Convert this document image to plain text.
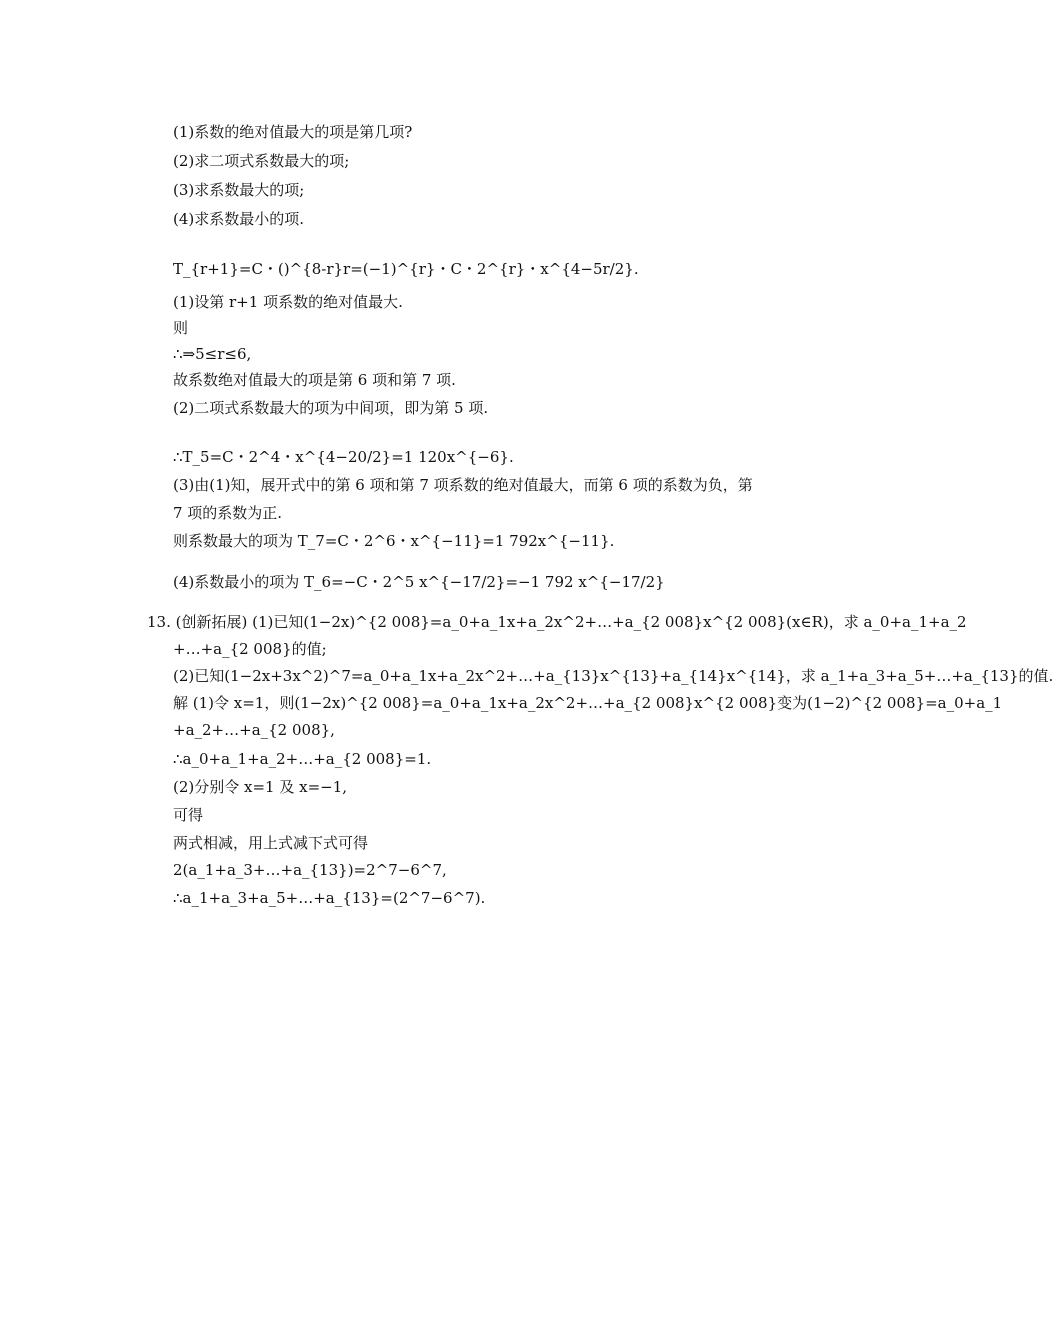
(1)系数的绝对值最大的项是第几项?
(2)求二项式系数最大的项;
(3)求系数最大的项;
(4)求系数最小的项.
T_{r+1}=C・()^{8-r}r=(−1)^{r}・C・2^{r}・x^{4−5r/2}.
(1)设第 r+1 项系数的绝对值最大.
则
∴⇒5≤r≤6,
故系数绝对值最大的项是第 6 项和第 7 项.
(2)二项式系数最大的项为中间项，即为第 5 项.
∴T_5=C・2^4・x^{4−20/2}=1 120x^{−6}.
(3)由(1)知，展开式中的第 6 项和第 7 项系数的绝对值最大，而第 6 项的系数为负，第
7 项的系数为正.
则系数最大的项为 T_7=C・2^6・x^{−11}=1 792x^{−11}.
(4)系数最小的项为 T_6=−C・2^5 x^{−17/2}=−1 792 x^{−17/2}
13. (创新拓展) (1)已知(1−2x)^{2 008}=a_0+a_1x+a_2x^2+…+a_{2 008}x^{2 008}(x∈R)，求 a_0+a_1+a_2
+…+a_{2 008}的值;
(2)已知(1−2x+3x^2)^7=a_0+a_1x+a_2x^2+…+a_{13}x^{13}+a_{14}x^{14}，求 a_1+a_3+a_5+…+a_{13}的值.
解 (1)令 x=1，则(1−2x)^{2 008}=a_0+a_1x+a_2x^2+…+a_{2 008}x^{2 008}变为(1−2)^{2 008}=a_0+a_1
+a_2+…+a_{2 008},
∴a_0+a_1+a_2+…+a_{2 008}=1.
(2)分别令 x=1 及 x=−1,
可得
两式相减，用上式减下式可得
2(a_1+a_3+…+a_{13})=2^7−6^7,
∴a_1+a_3+a_5+…+a_{13}=(2^7−6^7).
